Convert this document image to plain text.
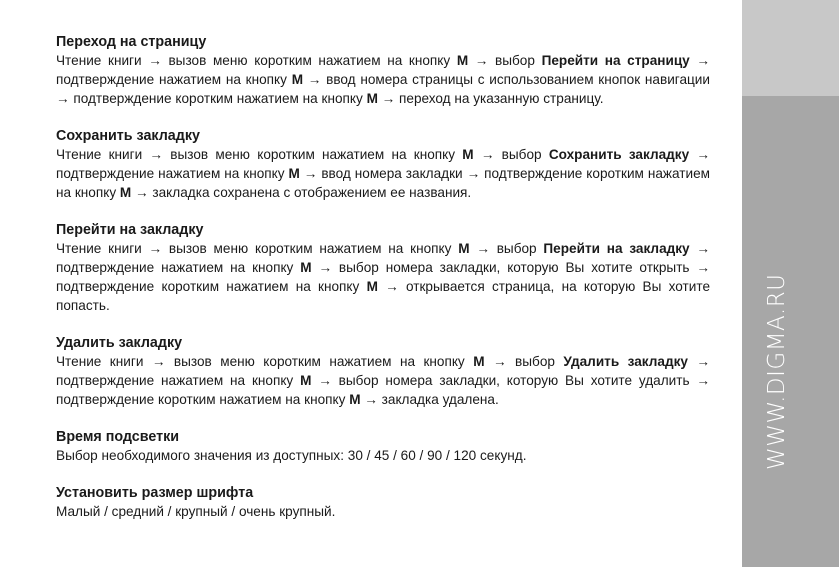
Переход на страницу

Чтение книги → вызов меню коротким нажатием на кнопку M → выбор Перейти на страницу → подтверждение нажатием на кнопку M → ввод номера страницы с использованием кнопок навигации → подтверждение коротким нажатием на кнопку M → переход на указанную страницу.

Сохранить закладку

Чтение книги → вызов меню коротким нажатием на кнопку M → выбор Сохранить закладку → подтверждение нажатием на кнопку M → ввод номера закладки → подтверждение коротким нажатием на кнопку M → закладка сохранена с отображением ее названия.

Перейти на закладку

Чтение книги → вызов меню коротким нажатием на кнопку M → выбор Перейти на закладку → подтверждение нажатием на кнопку M → выбор номера закладки, которую Вы хотите открыть → подтверждение коротким нажатием на кнопку M → открывается страница, на которую Вы хотите попасть.

Удалить закладку

Чтение книги → вызов меню коротким нажатием на кнопку M → выбор Удалить закладку → подтверждение нажатием на кнопку M → выбор номера закладки, которую Вы хотите удалить → подтверждение коротким нажатием на кнопку M → закладка удалена.

Время подсветки

Выбор необходимого значения из доступных: 30 / 45 / 60 / 90 / 120 секунд.

Установить размер шрифта

Малый / средний / крупный / очень крупный.

WWW.DIGMA.RU
